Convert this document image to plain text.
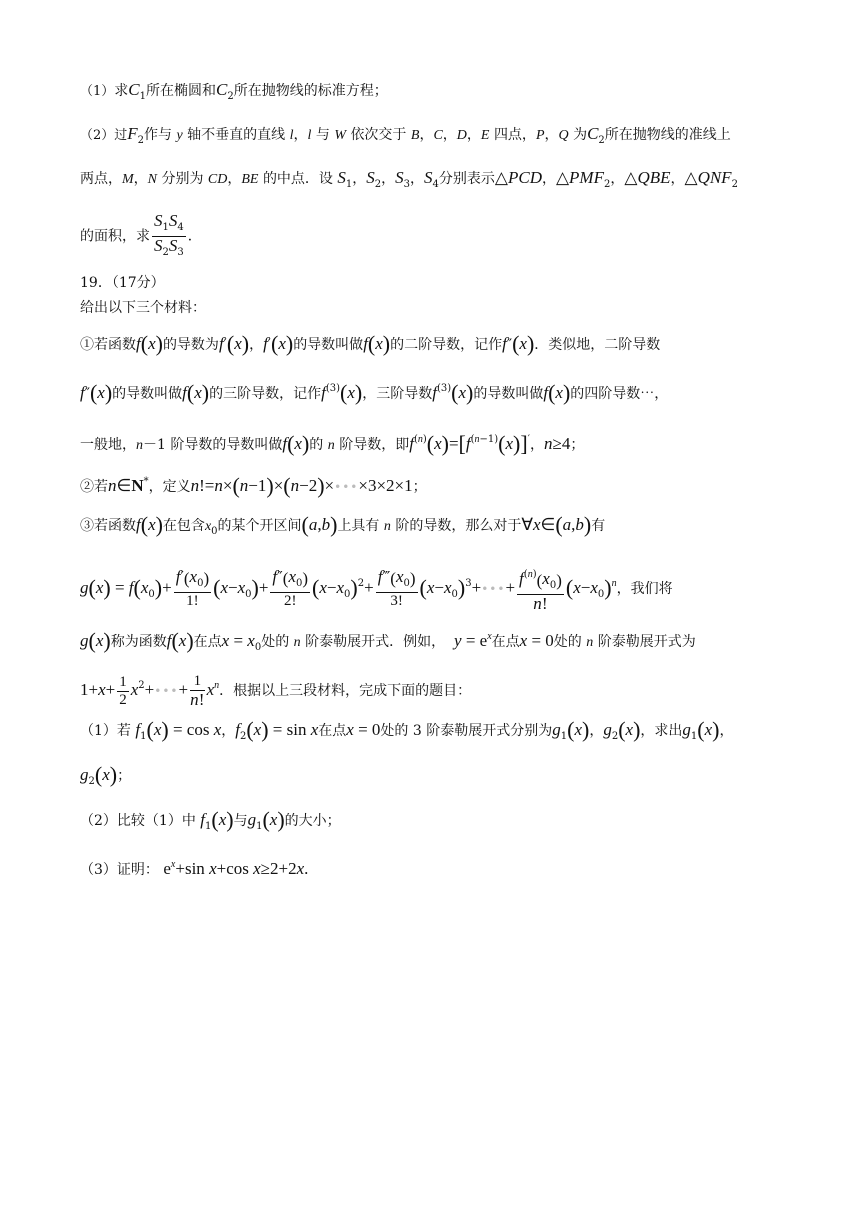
（1）求$C_1$所在椭圆和$C_2$所在抛物线的标准方程；
（2）过$F_2$作与 y 轴不垂直的直线 l，l 与 W 依次交于 B，C，D，E 四点，P，Q 为$C_2$所在抛物线的准线上
两点，M，N 分别为 CD，BE 的中点．设 $S_1$，$S_2$，$S_3$，$S_4$分别表示△PCD，$\triangle PMF_2$，△QBE，$\triangle QNF_2$
的面积，求 $\frac{S_1S_4}{S_2S_3}$ ．
19．（17分）
给出以下三个材料：
①若函数f(x)的导数为f′(x)，f′(x)的导数叫做f(x)的二阶导数，记作f″(x)．类似地，二阶导数
f″(x)的导数叫做f(x)的三阶导数，记作$f^{(3)}(x)$，三阶导数$f^{(3)}(x)$的导数叫做f(x)的四阶导数⋯，
一般地，n－1 阶导数的导数叫做f(x)的 n 阶导数，即$f^{(n)}(x)=[f^{(n-1)}(x)]'$，n≥4；
②若n∈N*，定义n!=n×(n−1)×(n−2)×•••×3×2×1；
③若函数f(x)在包含$x_0$的某个开区间(a,b)上具有 n 阶的导数，那么对于∀x∈(a,b)有
$g(x) = f(x_0)+ \frac{f'(x_0)}{1!} (x-x_0)+ \frac{f''(x_0)}{2!} (x-x_0)^2+ \frac{f‴(x_0)}{3!}$ $(x-x_0)^3+•••+ \frac{f^{(n)}(x_0)}{n!} (x-x_0)^n$，我们将
g(x)称为函数f(x)在点$x = x_0$处的 n 阶泰勒展开式．例如， $y = e^x$在点x = 0处的 n 阶泰勒展开式为
$1+x+ \frac{1}{2}$ $x^2+•••+ \frac{1}{n!} x^n$．根据以上三段材料，完成下面的题目：
（1）若 $f_1(x) = \cos x$，$f_2(x) = \sin x$在点x = 0处的 3 阶泰勒展开式分别为$g_1(x)$，$g_2(x)$，求出$g_1(x)$，
$g_2(x)$；
（2）比较（1）中 $f_1(x)$与$g_1(x)$的大小；
（3）证明： $e^x+\sin$ x+cos x≥2+2x.
